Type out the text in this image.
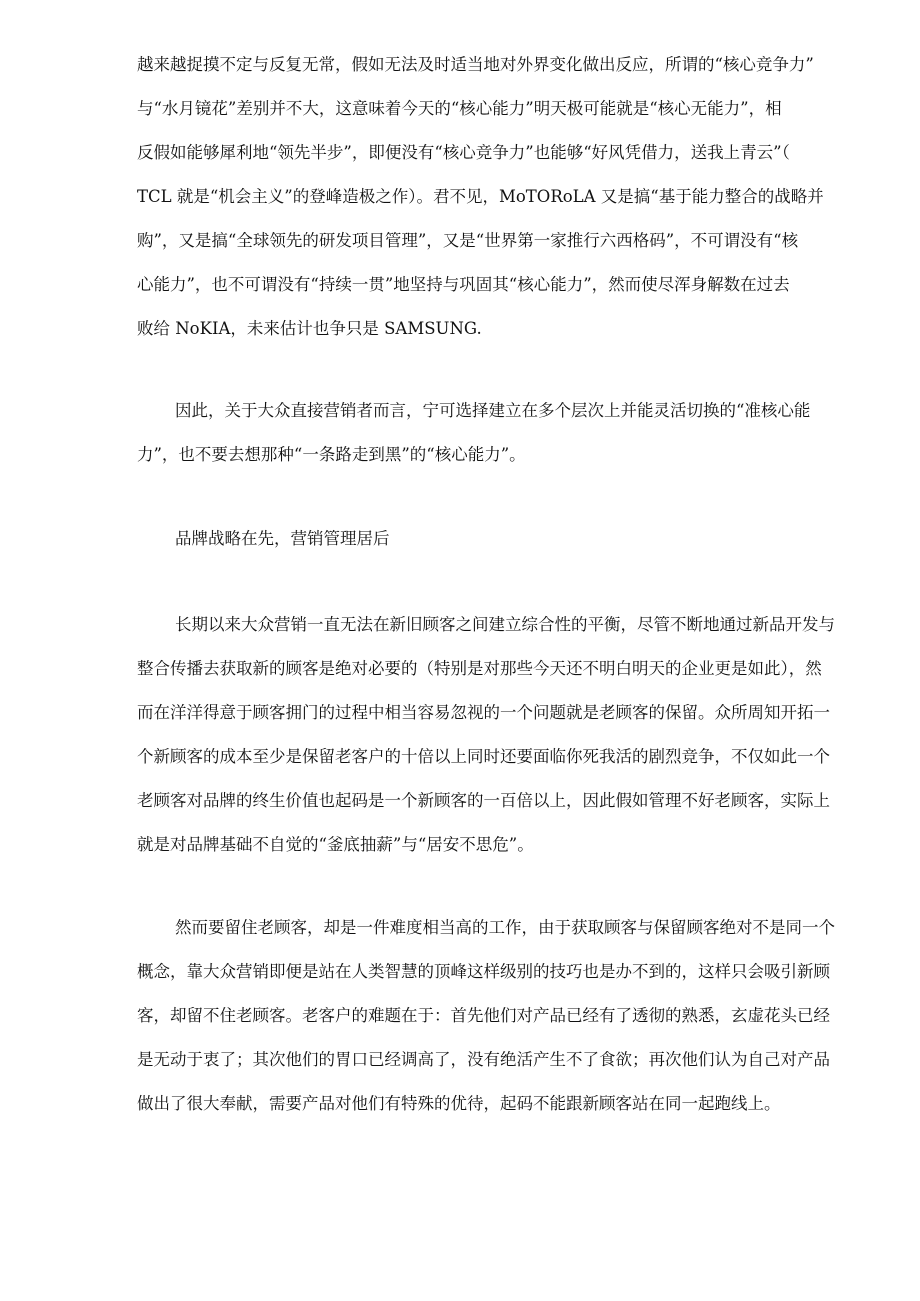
越来越捉摸不定与反复无常，假如无法及时适当地对外界变化做出反应，所谓的“核心竞争力”
与“水月镜花”差别并不大，这意味着今天的“核心能力”明天极可能就是“核心无能力”，相
反假如能够犀利地“领先半步”，即便没有“核心竞争力”也能够“好风凭借力，送我上青云”（
TCL 就是“机会主义”的登峰造极之作）。君不见，MoTORoLA 又是搞“基于能力整合的战略并
购”，又是搞“全球领先的研发项目管理”，又是“世界第一家推行六西格码”，不可谓没有“核
心能力”，也不可谓没有“持续一贯”地坚持与巩固其“核心能力”，然而使尽浑身解数在过去
败给 NoKIA，未来估计也争只是 SAMSUNG.
因此，关于大众直接营销者而言，宁可选择建立在多个层次上并能灵活切换的“准核心能
力”，也不要去想那种“一条路走到黑”的“核心能力”。
品牌战略在先，营销管理居后
长期以来大众营销一直无法在新旧顾客之间建立综合性的平衡，尽管不断地通过新品开发与
整合传播去获取新的顾客是绝对必要的（特别是对那些今天还不明白明天的企业更是如此），然
而在洋洋得意于顾客拥门的过程中相当容易忽视的一个问题就是老顾客的保留。众所周知开拓一
个新顾客的成本至少是保留老客户的十倍以上同时还要面临你死我活的剧烈竞争，不仅如此一个
老顾客对品牌的终生价值也起码是一个新顾客的一百倍以上，因此假如管理不好老顾客，实际上
就是对品牌基础不自觉的“釜底抽薪”与“居安不思危”。
然而要留住老顾客，却是一件难度相当高的工作，由于获取顾客与保留顾客绝对不是同一个
概念，靠大众营销即便是站在人类智慧的顶峰这样级别的技巧也是办不到的，这样只会吸引新顾
客，却留不住老顾客。老客户的难题在于：首先他们对产品已经有了透彻的熟悉，玄虚花头已经
是无动于衷了；其次他们的胃口已经调高了，没有绝活产生不了食欲；再次他们认为自己对产品
做出了很大奉献，需要产品对他们有特殊的优待，起码不能跟新顾客站在同一起跑线上。
